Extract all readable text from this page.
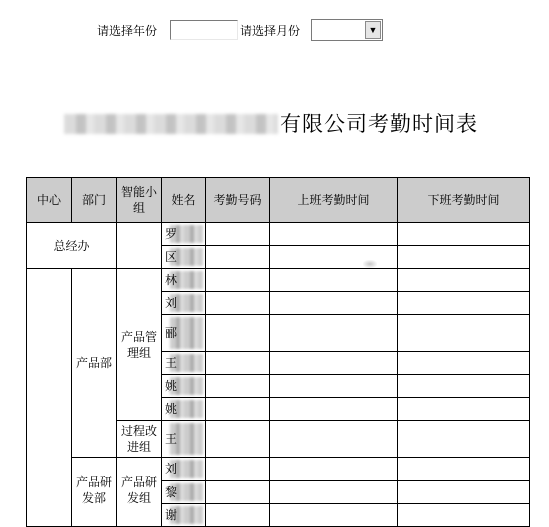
请选择年份	请选择月份	▼
有限公司考勤时间表
中心	部门	智能小组	姓名	考勤号码	上班考勤时间	下班考勤时间
总经办			罗

			区

	产品部	产品管理组	林

			刘

			郦

			王

			姚

			姚

		过程改进组	王

	产品研发部	产品研发组	刘

			黎

			谢
